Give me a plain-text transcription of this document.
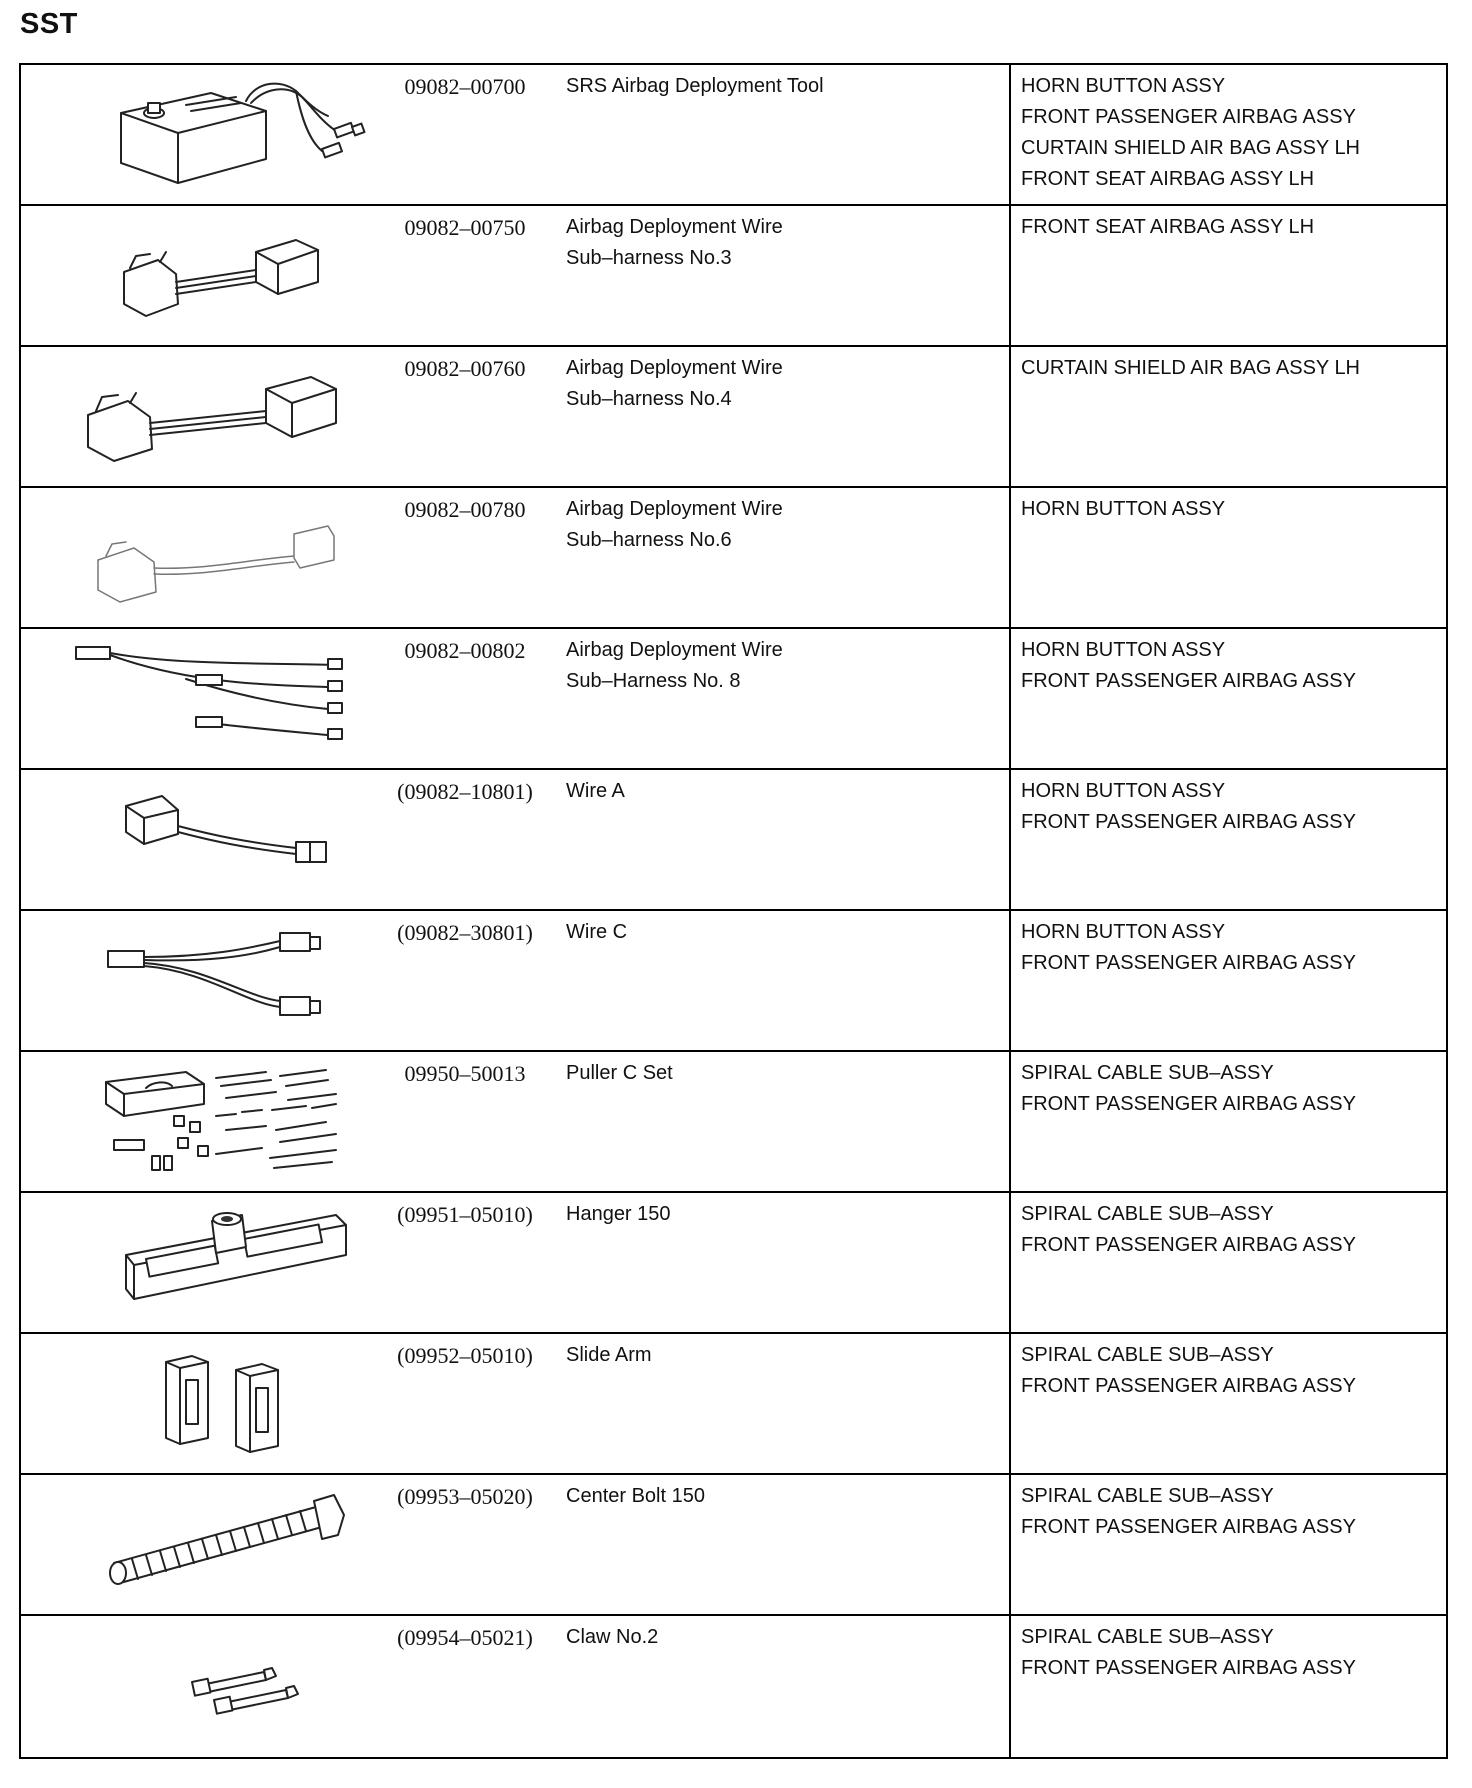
SST
	09082–00700	SRS Airbag Deployment Tool	HORN BUTTON ASSY
FRONT PASSENGER AIRBAG ASSY
CURTAIN SHIELD AIR BAG ASSY LH
FRONT SEAT AIRBAG ASSY LH

	09082–00750	Airbag Deployment Wire
Sub–harness No.3	FRONT SEAT AIRBAG ASSY LH

	09082–00760	Airbag Deployment Wire
Sub–harness No.4	CURTAIN SHIELD AIR BAG ASSY LH

	09082–00780	Airbag Deployment Wire
Sub–harness No.6	HORN BUTTON ASSY

	09082–00802	Airbag Deployment Wire
Sub–Harness No. 8	HORN BUTTON ASSY
FRONT PASSENGER AIRBAG ASSY

	(09082–10801)	Wire A	HORN BUTTON ASSY
FRONT PASSENGER AIRBAG ASSY

	(09082–30801)	Wire C	HORN BUTTON ASSY
FRONT PASSENGER AIRBAG ASSY

	09950–50013	Puller C Set	SPIRAL CABLE SUB–ASSY
FRONT PASSENGER AIRBAG ASSY

	(09951–05010)	Hanger 150	SPIRAL CABLE SUB–ASSY
FRONT PASSENGER AIRBAG ASSY

	(09952–05010)	Slide Arm	SPIRAL CABLE SUB–ASSY
FRONT PASSENGER AIRBAG ASSY

	(09953–05020)	Center Bolt 150	SPIRAL CABLE SUB–ASSY
FRONT PASSENGER AIRBAG ASSY

	(09954–05021)	Claw No.2	SPIRAL CABLE SUB–ASSY
FRONT PASSENGER AIRBAG ASSY
